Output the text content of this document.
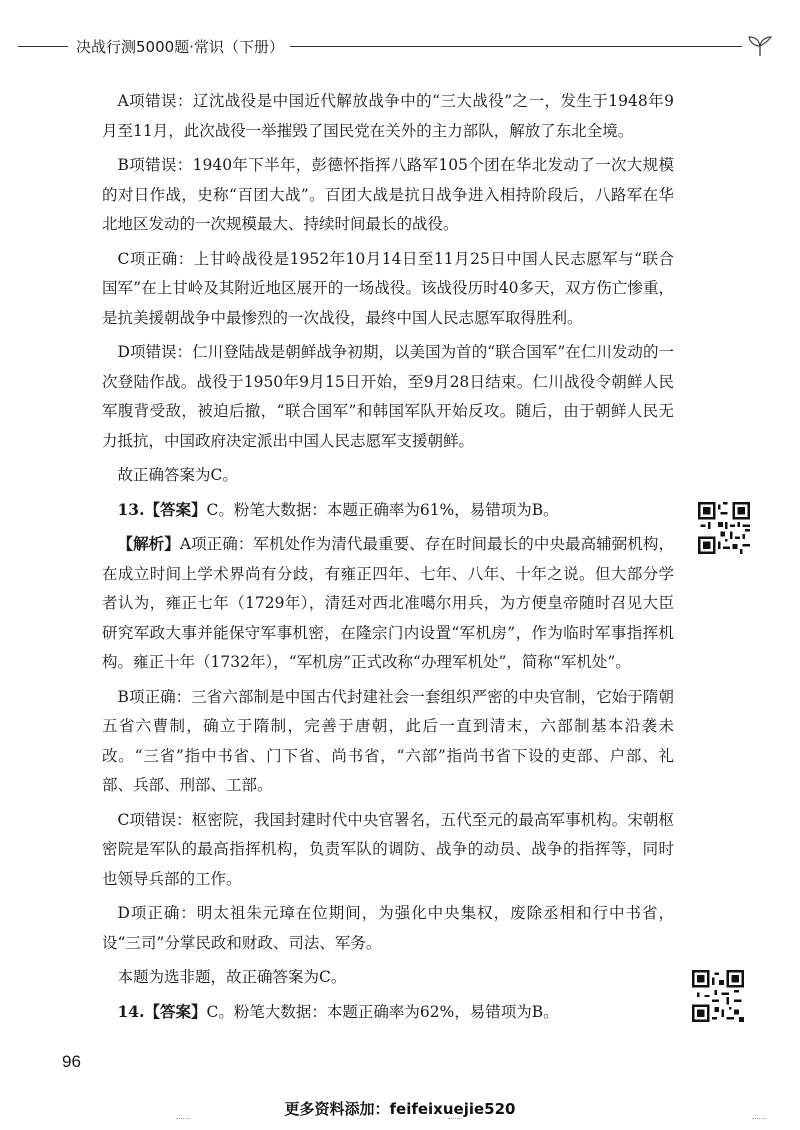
决战行测5000题·常识（下册）

A项错误：辽沈战役是中国近代解放战争中的“三大战役”之一，发生于1948年9月至11月，此次战役一举摧毁了国民党在关外的主力部队，解放了东北全境。

B项错误：1940年下半年，彭德怀指挥八路军105个团在华北发动了一次大规模的对日作战，史称“百团大战”。百团大战是抗日战争进入相持阶段后，八路军在华北地区发动的一次规模最大、持续时间最长的战役。

C项正确：上甘岭战役是1952年10月14日至11月25日中国人民志愿军与“联合国军”在上甘岭及其附近地区展开的一场战役。该战役历时40多天，双方伤亡惨重，是抗美援朝战争中最惨烈的一次战役，最终中国人民志愿军取得胜利。

D项错误：仁川登陆战是朝鲜战争初期，以美国为首的“联合国军”在仁川发动的一次登陆作战。战役于1950年9月15日开始，至9月28日结束。仁川战役令朝鲜人民军腹背受敌，被迫后撤，“联合国军”和韩国军队开始反攻。随后，由于朝鲜人民无力抵抗，中国政府决定派出中国人民志愿军支援朝鲜。

故正确答案为C。

13.【答案】C。粉笔大数据：本题正确率为61%，易错项为B。

【解析】A项正确：军机处作为清代最重要、存在时间最长的中央最高辅弼机构，在成立时间上学术界尚有分歧，有雍正四年、七年、八年、十年之说。但大部分学者认为，雍正七年（1729年），清廷对西北准噶尔用兵，为方便皇帝随时召见大臣研究军政大事并能保守军事机密，在隆宗门内设置“军机房”，作为临时军事指挥机构。雍正十年（1732年），“军机房”正式改称“办理军机处”，简称“军机处”。

B项正确：三省六部制是中国古代封建社会一套组织严密的中央官制，它始于隋朝五省六曹制，确立于隋制，完善于唐朝，此后一直到清末，六部制基本沿袭未改。“三省”指中书省、门下省、尚书省，“六部”指尚书省下设的吏部、户部、礼部、兵部、刑部、工部。

C项错误：枢密院，我国封建时代中央官署名，五代至元的最高军事机构。宋朝枢密院是军队的最高指挥机构，负责军队的调防、战争的动员、战争的指挥等，同时也领导兵部的工作。

D项正确：明太祖朱元璋在位期间，为强化中央集权，废除丞相和行中书省，设“三司”分掌民政和财政、司法、军务。

本题为选非题，故正确答案为C。

14.【答案】C。粉笔大数据：本题正确率为62%，易错项为B。

96
更多资料添加：feifeixuejie520
